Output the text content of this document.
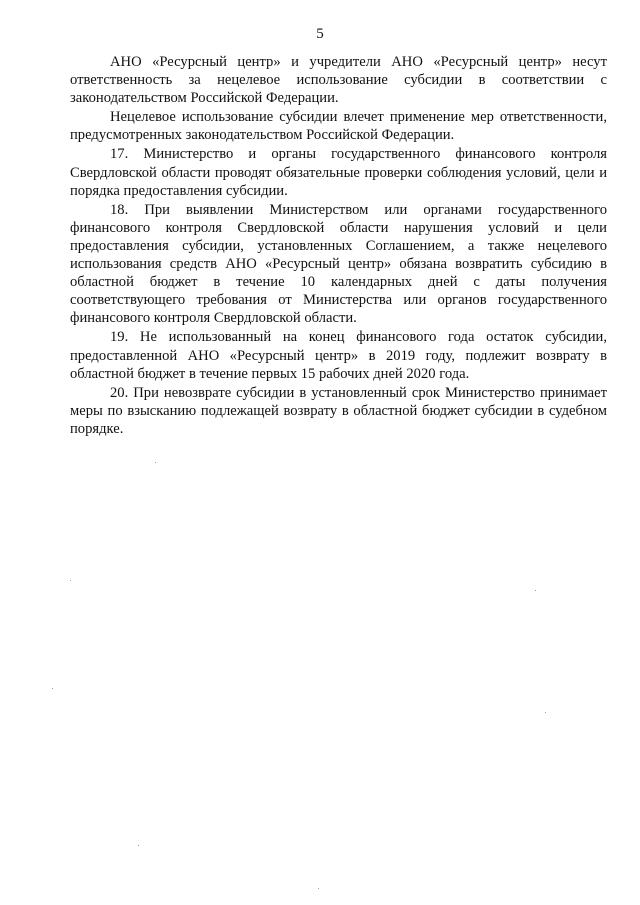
5

АНО «Ресурсный центр» и учредители АНО «Ресурсный центр» несут ответственность за нецелевое использование субсидии в соответствии с законодательством Российской Федерации.

Нецелевое использование субсидии влечет применение мер ответственности, предусмотренных законодательством Российской Федерации.

17. Министерство и органы государственного финансового контроля Свердловской области проводят обязательные проверки соблюдения условий, цели и порядка предоставления субсидии.

18. При выявлении Министерством или органами государственного финансового контроля Свердловской области нарушения условий и цели предоставления субсидии, установленных Соглашением, а также нецелевого использования средств АНО «Ресурсный центр» обязана возвратить субсидию в областной бюджет в течение 10 календарных дней с даты получения соответствующего требования от Министерства или органов государственного финансового контроля Свердловской области.

19. Не использованный на конец финансового года остаток субсидии, предоставленной АНО «Ресурсный центр» в 2019 году, подлежит возврату в областной бюджет в течение первых 15 рабочих дней 2020 года.

20. При невозврате субсидии в установленный срок Министерство принимает меры по взысканию подлежащей возврату в областной бюджет субсидии в судебном порядке.
